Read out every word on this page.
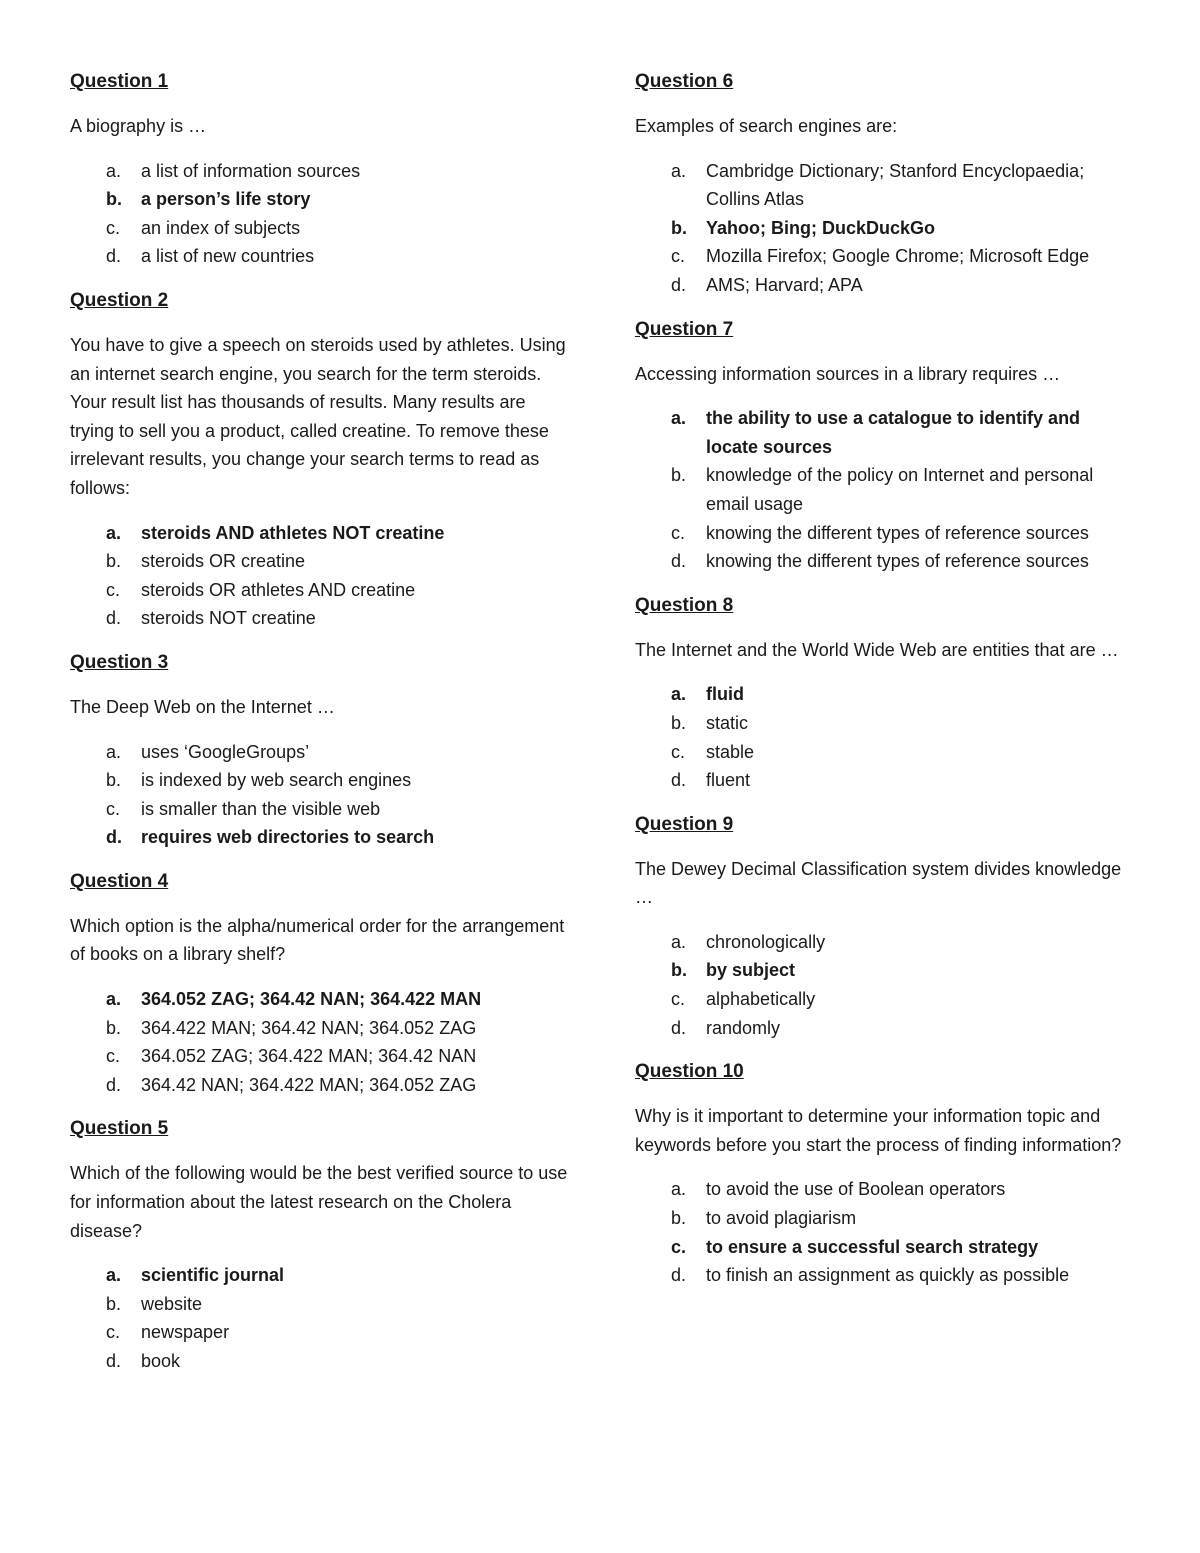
Question 1
A biography is …
a.	a list of information sources
b.	a person’s life story
c.	an index of subjects
d.	a list of new countries
Question 2
You have to give a speech on steroids used by athletes. Using an internet search engine, you search for the term steroids. Your result list has thousands of results. Many results are trying to sell you a product, called creatine. To remove these irrelevant results, you change your search terms to read as follows:
a.	steroids AND athletes NOT creatine
b.	steroids OR creatine
c.	steroids OR athletes AND creatine
d.	steroids NOT creatine
Question 3
The Deep Web on the Internet …
a.	uses ‘GoogleGroups’
b.	is indexed by web search engines
c.	is smaller than the visible web
d.	requires web directories to search
Question 4
Which option is the alpha/numerical order for the arrangement of books on a library shelf?
a.	364.052 ZAG; 364.42 NAN; 364.422 MAN
b.	364.422 MAN; 364.42 NAN; 364.052 ZAG
c.	364.052 ZAG; 364.422 MAN; 364.42 NAN
d.	364.42 NAN; 364.422 MAN; 364.052 ZAG
Question 5
Which of the following would be the best verified source to use for information about the latest research on the Cholera disease?
a.	scientific journal
b.	website
c.	newspaper
d.	book
Question 6
Examples of search engines are:
a.	Cambridge Dictionary; Stanford Encyclopaedia; Collins Atlas
b.	Yahoo; Bing; DuckDuckGo
c.	Mozilla Firefox; Google Chrome; Microsoft Edge
d.	AMS; Harvard; APA
Question 7
Accessing information sources in a library requires …
a.	the ability to use a catalogue to identify and locate sources
b.	knowledge of the policy on Internet and personal email usage
c.	knowing the different types of reference sources
d.	knowing the different types of reference sources
Question 8
The Internet and the World Wide Web are entities that are …
a.	fluid
b.	static
c.	stable
d.	fluent
Question 9
The Dewey Decimal Classification system divides knowledge …
a.	chronologically
b.	by subject
c.	alphabetically
d.	randomly
Question 10
Why is it important to determine your information topic and keywords before you start the process of finding information?
a.	to avoid the use of Boolean operators
b.	to avoid plagiarism
c.	to ensure a successful search strategy
d.	to finish an assignment as quickly as possible
